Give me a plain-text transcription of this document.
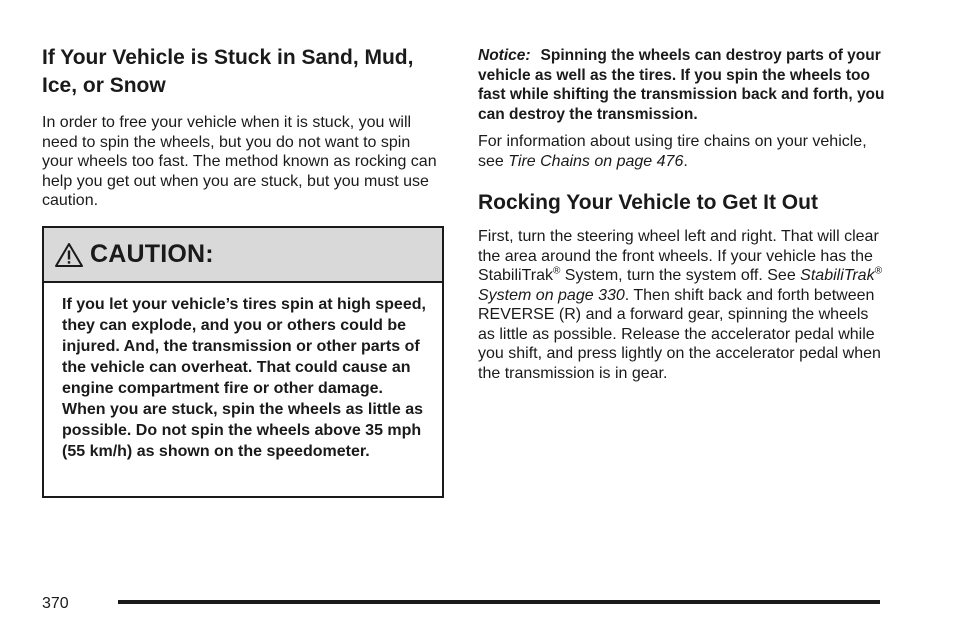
If Your Vehicle is Stuck in Sand, Mud, Ice, or Snow

In order to free your vehicle when it is stuck, you will need to spin the wheels, but you do not want to spin your wheels too fast. The method known as rocking can help you get out when you are stuck, but you must use caution.

CAUTION:
If you let your vehicle’s tires spin at high speed, they can explode, and you or others could be injured. And, the transmission or other parts of the vehicle can overheat. That could cause an engine compartment fire or other damage. When you are stuck, spin the wheels as little as possible. Do not spin the wheels above 35 mph (55 km/h) as shown on the speedometer.

Notice: Spinning the wheels can destroy parts of your vehicle as well as the tires. If you spin the wheels too fast while shifting the transmission back and forth, you can destroy the transmission.

For information about using tire chains on your vehicle, see Tire Chains on page 476.

Rocking Your Vehicle to Get It Out

First, turn the steering wheel left and right. That will clear the area around the front wheels. If your vehicle has the StabiliTrak® System, turn the system off. See StabiliTrak® System on page 330. Then shift back and forth between REVERSE (R) and a forward gear, spinning the wheels as little as possible. Release the accelerator pedal while you shift, and press lightly on the accelerator pedal when the transmission is in gear.

370
